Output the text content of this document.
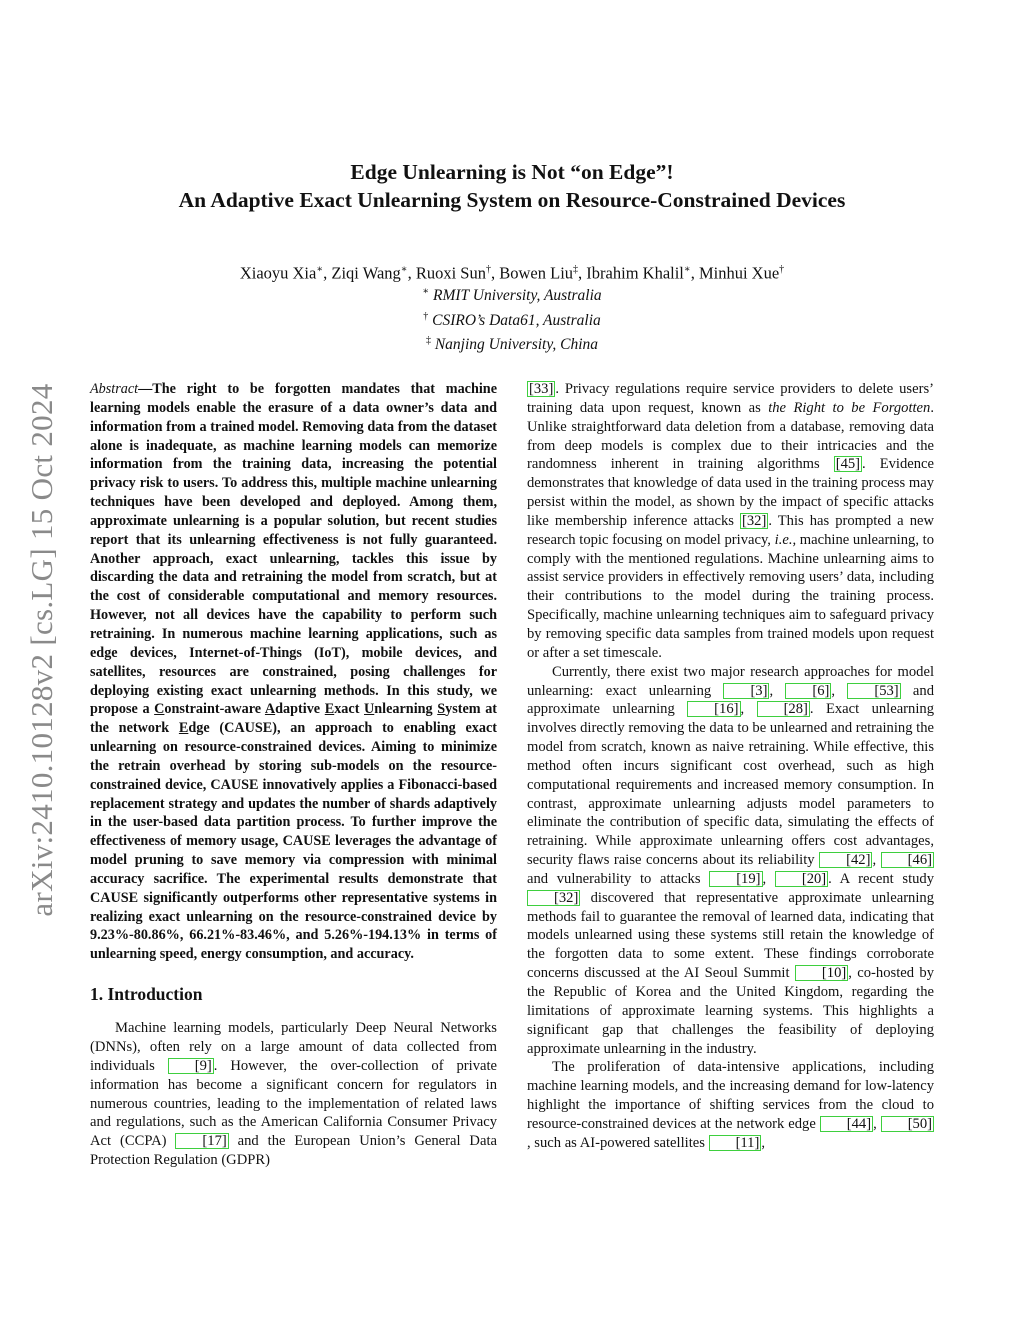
arXiv:2410.10128v2 [cs.LG] 15 Oct 2024
Edge Unlearning is Not “on Edge”!
An Adaptive Exact Unlearning System on Resource-Constrained Devices
Xiaoyu Xia∗, Ziqi Wang∗, Ruoxi Sun†, Bowen Liu‡, Ibrahim Khalil∗, Minhui Xue†
∗ RMIT University, Australia
† CSIRO’s Data61, Australia
‡ Nanjing University, China

Abstract—The right to be forgotten mandates that machine learning models enable the erasure of a data owner’s data and information from a trained model. Removing data from the dataset alone is inadequate, as machine learning models can memorize information from the training data, increasing the potential privacy risk to users. To address this, multiple machine unlearning techniques have been developed and deployed. Among them, approximate unlearning is a popular solution, but recent studies report that its unlearning effectiveness is not fully guaranteed. Another approach, exact unlearning, tackles this issue by discarding the data and retraining the model from scratch, but at the cost of considerable computational and memory resources. However, not all devices have the capability to perform such retraining. In numerous machine learning applications, such as edge devices, Internet-of-Things (IoT), mobile devices, and satellites, resources are constrained, posing challenges for deploying existing exact unlearning methods. In this study, we propose a Constraint-aware Adaptive Exact Unlearning System at the network Edge (CAUSE), an approach to enabling exact unlearning on resource-constrained devices. Aiming to minimize the retrain overhead by storing sub-models on the resource-constrained device, CAUSE innovatively applies a Fibonacci-based replacement strategy and updates the number of shards adaptively in the user-based data partition process. To further improve the effectiveness of memory usage, CAUSE leverages the advantage of model pruning to save memory via compression with minimal accuracy sacrifice. The experimental results demonstrate that CAUSE significantly outperforms other representative systems in realizing exact unlearning on the resource-constrained device by 9.23%-80.86%, 66.21%-83.46%, and 5.26%-194.13% in terms of unlearning speed, energy consumption, and accuracy.

1. Introduction

Machine learning models, particularly Deep Neural Networks (DNNs), often rely on a large amount of data collected from individuals [9] . However, the over-collection of private information has become a significant concern for regulators in numerous countries, leading to the implementation of related laws and regulations, such as the American California Consumer Privacy Act (CCPA) [17] and the European Union’s General Data Protection Regulation (GDPR)

[33] . Privacy regulations require service providers to delete users’ training data upon request, known as the Right to be Forgotten. Unlike straightforward data deletion from a database, removing data from deep models is complex due to their intricacies and the randomness inherent in training algorithms [45] . Evidence demonstrates that knowledge of data used in the training process may persist within the model, as shown by the impact of specific attacks like membership inference attacks [32] . This has prompted a new research topic focusing on model privacy, i.e., machine unlearning, to comply with the mentioned regulations. Machine unlearning aims to assist service providers in effectively removing users’ data, including their contributions to the model during the training process. Specifically, machine unlearning techniques aim to safeguard privacy by removing specific data samples from trained models upon request or after a set timescale.

Currently, there exist two major research approaches for model unlearning: exact unlearning [3] , [6] , [53] and approximate unlearning [16] , [28] . Exact unlearning involves directly removing the data to be unlearned and retraining the model from scratch, known as naive retraining. While effective, this method often incurs significant cost overhead, such as high computational requirements and increased memory consumption. In contrast, approximate unlearning adjusts model parameters to eliminate the contribution of specific data, simulating the effects of retraining. While approximate unlearning offers cost advantages, security flaws raise concerns about its reliability [42] , [46] and vulnerability to attacks [19] , [20] . A recent study [32] discovered that representative approximate unlearning methods fail to guarantee the removal of learned data, indicating that models unlearned using these systems still retain the knowledge of the forgotten data to some extent. These findings corroborate concerns discussed at the AI Seoul Summit [10] , co-hosted by the Republic of Korea and the United Kingdom, regarding the limitations of approximate learning systems. This highlights a significant gap that challenges the feasibility of deploying approximate unlearning in the industry.

The proliferation of data-intensive applications, including machine learning models, and the increasing demand for low-latency highlight the importance of shifting services from the cloud to resource-constrained devices at the network edge [44] , [50], such as AI-powered satellites [11] ,
